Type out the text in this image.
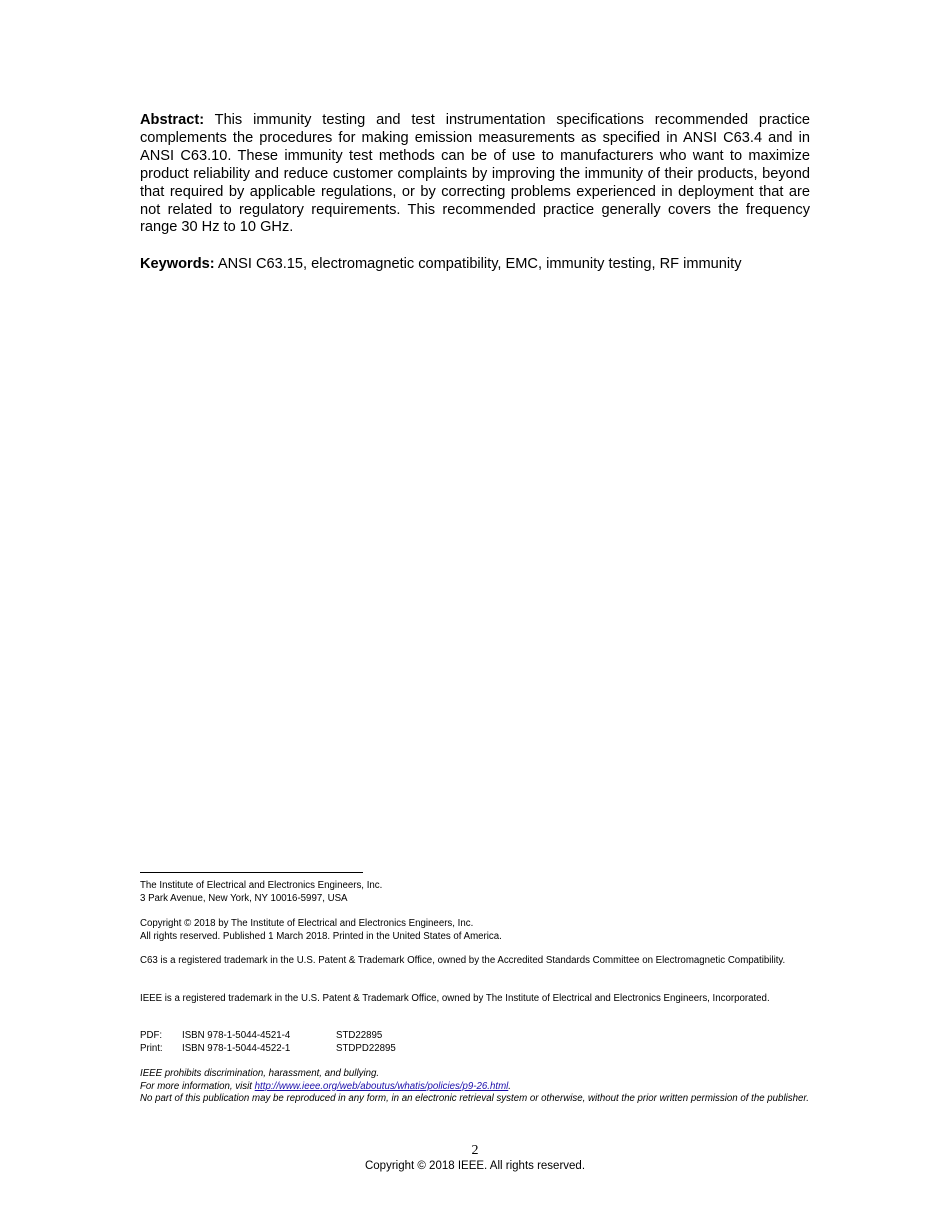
Abstract: This immunity testing and test instrumentation specifications recommended practice complements the procedures for making emission measurements as specified in ANSI C63.4 and in ANSI C63.10. These immunity test methods can be of use to manufacturers who want to maximize product reliability and reduce customer complaints by improving the immunity of their products, beyond that required by applicable regulations, or by correcting problems experienced in deployment that are not related to regulatory requirements. This recommended practice generally covers the frequency range 30 Hz to 10 GHz.

Keywords: ANSI C63.15, electromagnetic compatibility, EMC, immunity testing, RF immunity

The Institute of Electrical and Electronics Engineers, Inc.

3 Park Avenue, New York, NY 10016-5997, USA

Copyright © 2018 by The Institute of Electrical and Electronics Engineers, Inc.

All rights reserved. Published 1 March 2018. Printed in the United States of America.

C63 is a registered trademark in the U.S. Patent & Trademark Office, owned by the Accredited Standards Committee on Electromagnetic Compatibility.

IEEE is a registered trademark in the U.S. Patent & Trademark Office, owned by The Institute of Electrical and Electronics Engineers, Incorporated.

PDF:	ISBN 978-1-5044-4521-4	STD22895
Print:	ISBN 978-1-5044-4522-1	STDPD22895

IEEE prohibits discrimination, harassment, and bullying.

For more information, visit http://www.ieee.org/web/aboutus/whatis/policies/p9-26.html.

No part of this publication may be reproduced in any form, in an electronic retrieval system or otherwise, without the prior written permission of the publisher.

2

Copyright © 2018 IEEE. All rights reserved.
